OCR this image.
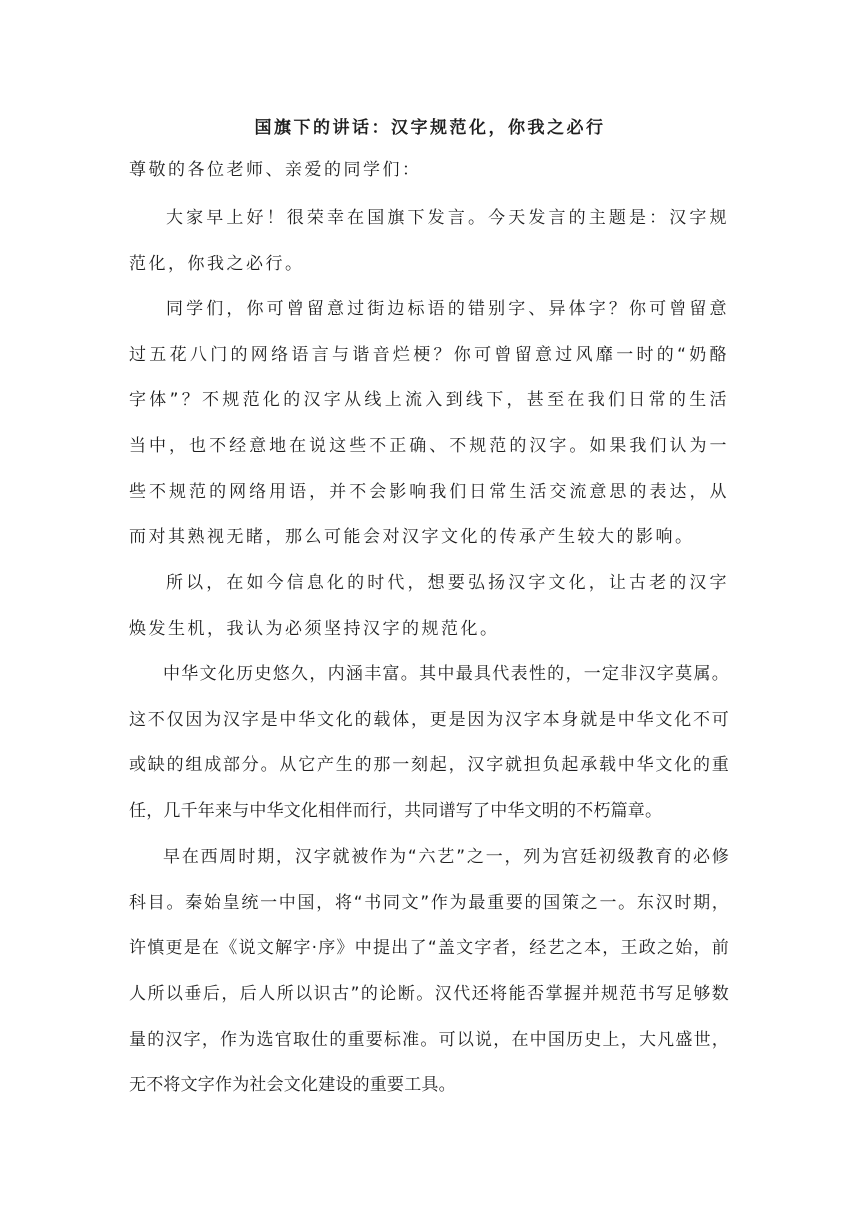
国旗下的讲话：汉字规范化，你我之必行
尊敬的各位老师、亲爱的同学们：
大家早上好！很荣幸在国旗下发言。今天发言的主题是：汉字规
范化，你我之必行。
同学们，你可曾留意过街边标语的错别字、异体字？你可曾留意
过五花八门的网络语言与谐音烂梗？你可曾留意过风靡一时的“奶酪
字体”？不规范化的汉字从线上流入到线下，甚至在我们日常的生活
当中，也不经意地在说这些不正确、不规范的汉字。如果我们认为一
些不规范的网络用语，并不会影响我们日常生活交流意思的表达，从
而对其熟视无睹，那么可能会对汉字文化的传承产生较大的影响。
所以，在如今信息化的时代，想要弘扬汉字文化，让古老的汉字
焕发生机，我认为必须坚持汉字的规范化。
中华文化历史悠久，内涵丰富。其中最具代表性的，一定非汉字莫属。
这不仅因为汉字是中华文化的载体，更是因为汉字本身就是中华文化不可
或缺的组成部分。从它产生的那一刻起，汉字就担负起承载中华文化的重
任，几千年来与中华文化相伴而行，共同谱写了中华文明的不朽篇章。
早在西周时期，汉字就被作为“六艺”之一，列为宫廷初级教育的必修
科目。秦始皇统一中国，将“书同文”作为最重要的国策之一。东汉时期，
许慎更是在《说文解字·序》中提出了“盖文字者，经艺之本，王政之始，前
人所以垂后，后人所以识古”的论断。汉代还将能否掌握并规范书写足够数
量的汉字，作为选官取仕的重要标准。可以说，在中国历史上，大凡盛世，
无不将文字作为社会文化建设的重要工具。
